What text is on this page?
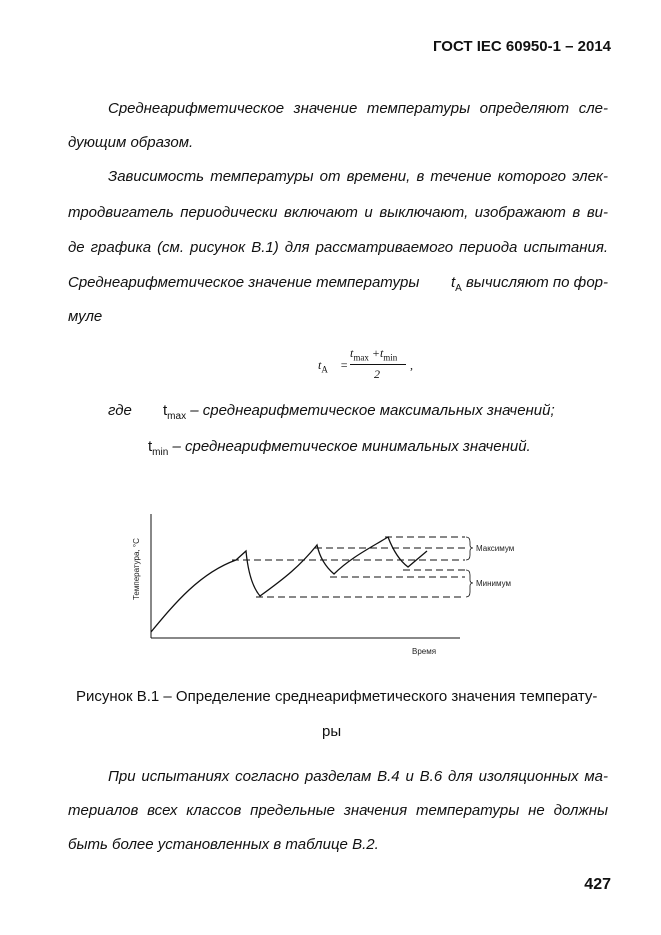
ГОСТ IEC 60950-1 – 2014
Среднеарифметическое значение температуры определяют сле-
дующим образом.
Зависимость температуры от времени, в течение которого элек-
тродвигатель периодически включают и выключают, изображают в ви-
де графика (см. рисунок В.1) для рассматриваемого периода испытания.
Среднеарифметическое значение температуры $t_A$ вычисляют по фор-
муле
$t_A$ =
$t_{max} +t_{min}$
2
,
где $t_{max}$ – среднеарифметическое максимальных значений;
$t_{min}$ – среднеарифметическое минимальных значений.
Максимум
Минимум
Время
Температура, °С
Рисунок В.1 – Определение среднеарифметического значения температу-
ры
При испытаниях согласно разделам В.4 и В.6 для изоляционных ма-
териалов всех классов предельные значения температуры не должны
быть более установленных в таблице В.2.
427
